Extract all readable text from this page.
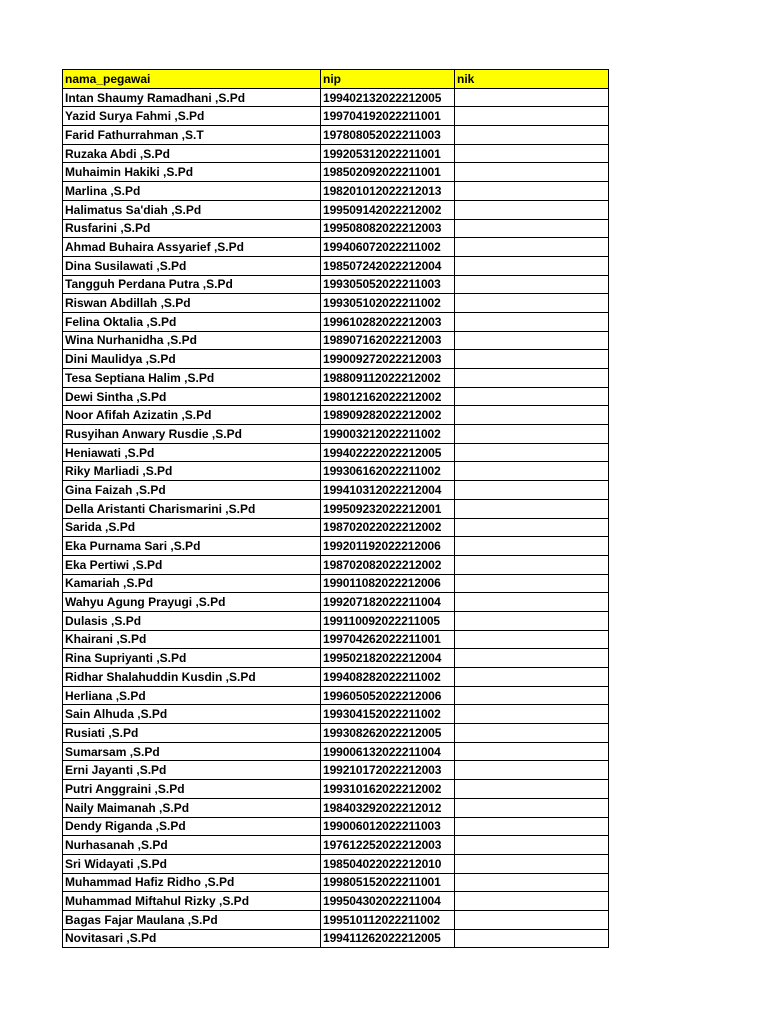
nama_pegawai	nip	nik
Intan Shaumy Ramadhani ,S.Pd	199402132022212005	
Yazid Surya Fahmi ,S.Pd	199704192022211001	
Farid Fathurrahman ,S.T	197808052022211003	
Ruzaka Abdi ,S.Pd	199205312022211001	
Muhaimin Hakiki ,S.Pd	198502092022211001	
Marlina ,S.Pd	198201012022212013	
Halimatus Sa'diah ,S.Pd	199509142022212002	
Rusfarini ,S.Pd	199508082022212003	
Ahmad Buhaira Assyarief ,S.Pd	199406072022211002	
Dina Susilawati ,S.Pd	198507242022212004	
Tangguh Perdana Putra ,S.Pd	199305052022211003	
Riswan Abdillah ,S.Pd	199305102022211002	
Felina Oktalia ,S.Pd	199610282022212003	
Wina Nurhanidha ,S.Pd	198907162022212003	
Dini Maulidya ,S.Pd	199009272022212003	
Tesa Septiana Halim ,S.Pd	198809112022212002	
Dewi Sintha ,S.Pd	198012162022212002	
Noor Afifah Azizatin ,S.Pd	198909282022212002	
Rusyihan Anwary Rusdie ,S.Pd	199003212022211002	
Heniawati ,S.Pd	199402222022212005	
Riky Marliadi ,S.Pd	199306162022211002	
Gina Faizah ,S.Pd	199410312022212004	
Della Aristanti Charismarini ,S.Pd	199509232022212001	
Sarida ,S.Pd	198702022022212002	
Eka Purnama Sari ,S.Pd	199201192022212006	
Eka Pertiwi ,S.Pd	198702082022212002	
Kamariah ,S.Pd	199011082022212006	
Wahyu Agung Prayugi ,S.Pd	199207182022211004	
Dulasis ,S.Pd	199110092022211005	
Khairani ,S.Pd	199704262022211001	
Rina Supriyanti ,S.Pd	199502182022212004	
Ridhar Shalahuddin Kusdin ,S.Pd	199408282022211002	
Herliana ,S.Pd	199605052022212006	
Sain Alhuda ,S.Pd	199304152022211002	
Rusiati ,S.Pd	199308262022212005	
Sumarsam ,S.Pd	199006132022211004	
Erni Jayanti ,S.Pd	199210172022212003	
Putri Anggraini ,S.Pd	199310162022212002	
Naily Maimanah ,S.Pd	198403292022212012	
Dendy Riganda ,S.Pd	199006012022211003	
Nurhasanah ,S.Pd	197612252022212003	
Sri Widayati ,S.Pd	198504022022212010	
Muhammad Hafiz Ridho ,S.Pd	199805152022211001	
Muhammad Miftahul Rizky ,S.Pd	199504302022211004	
Bagas Fajar Maulana ,S.Pd	199510112022211002	
Novitasari ,S.Pd	199411262022212005	
